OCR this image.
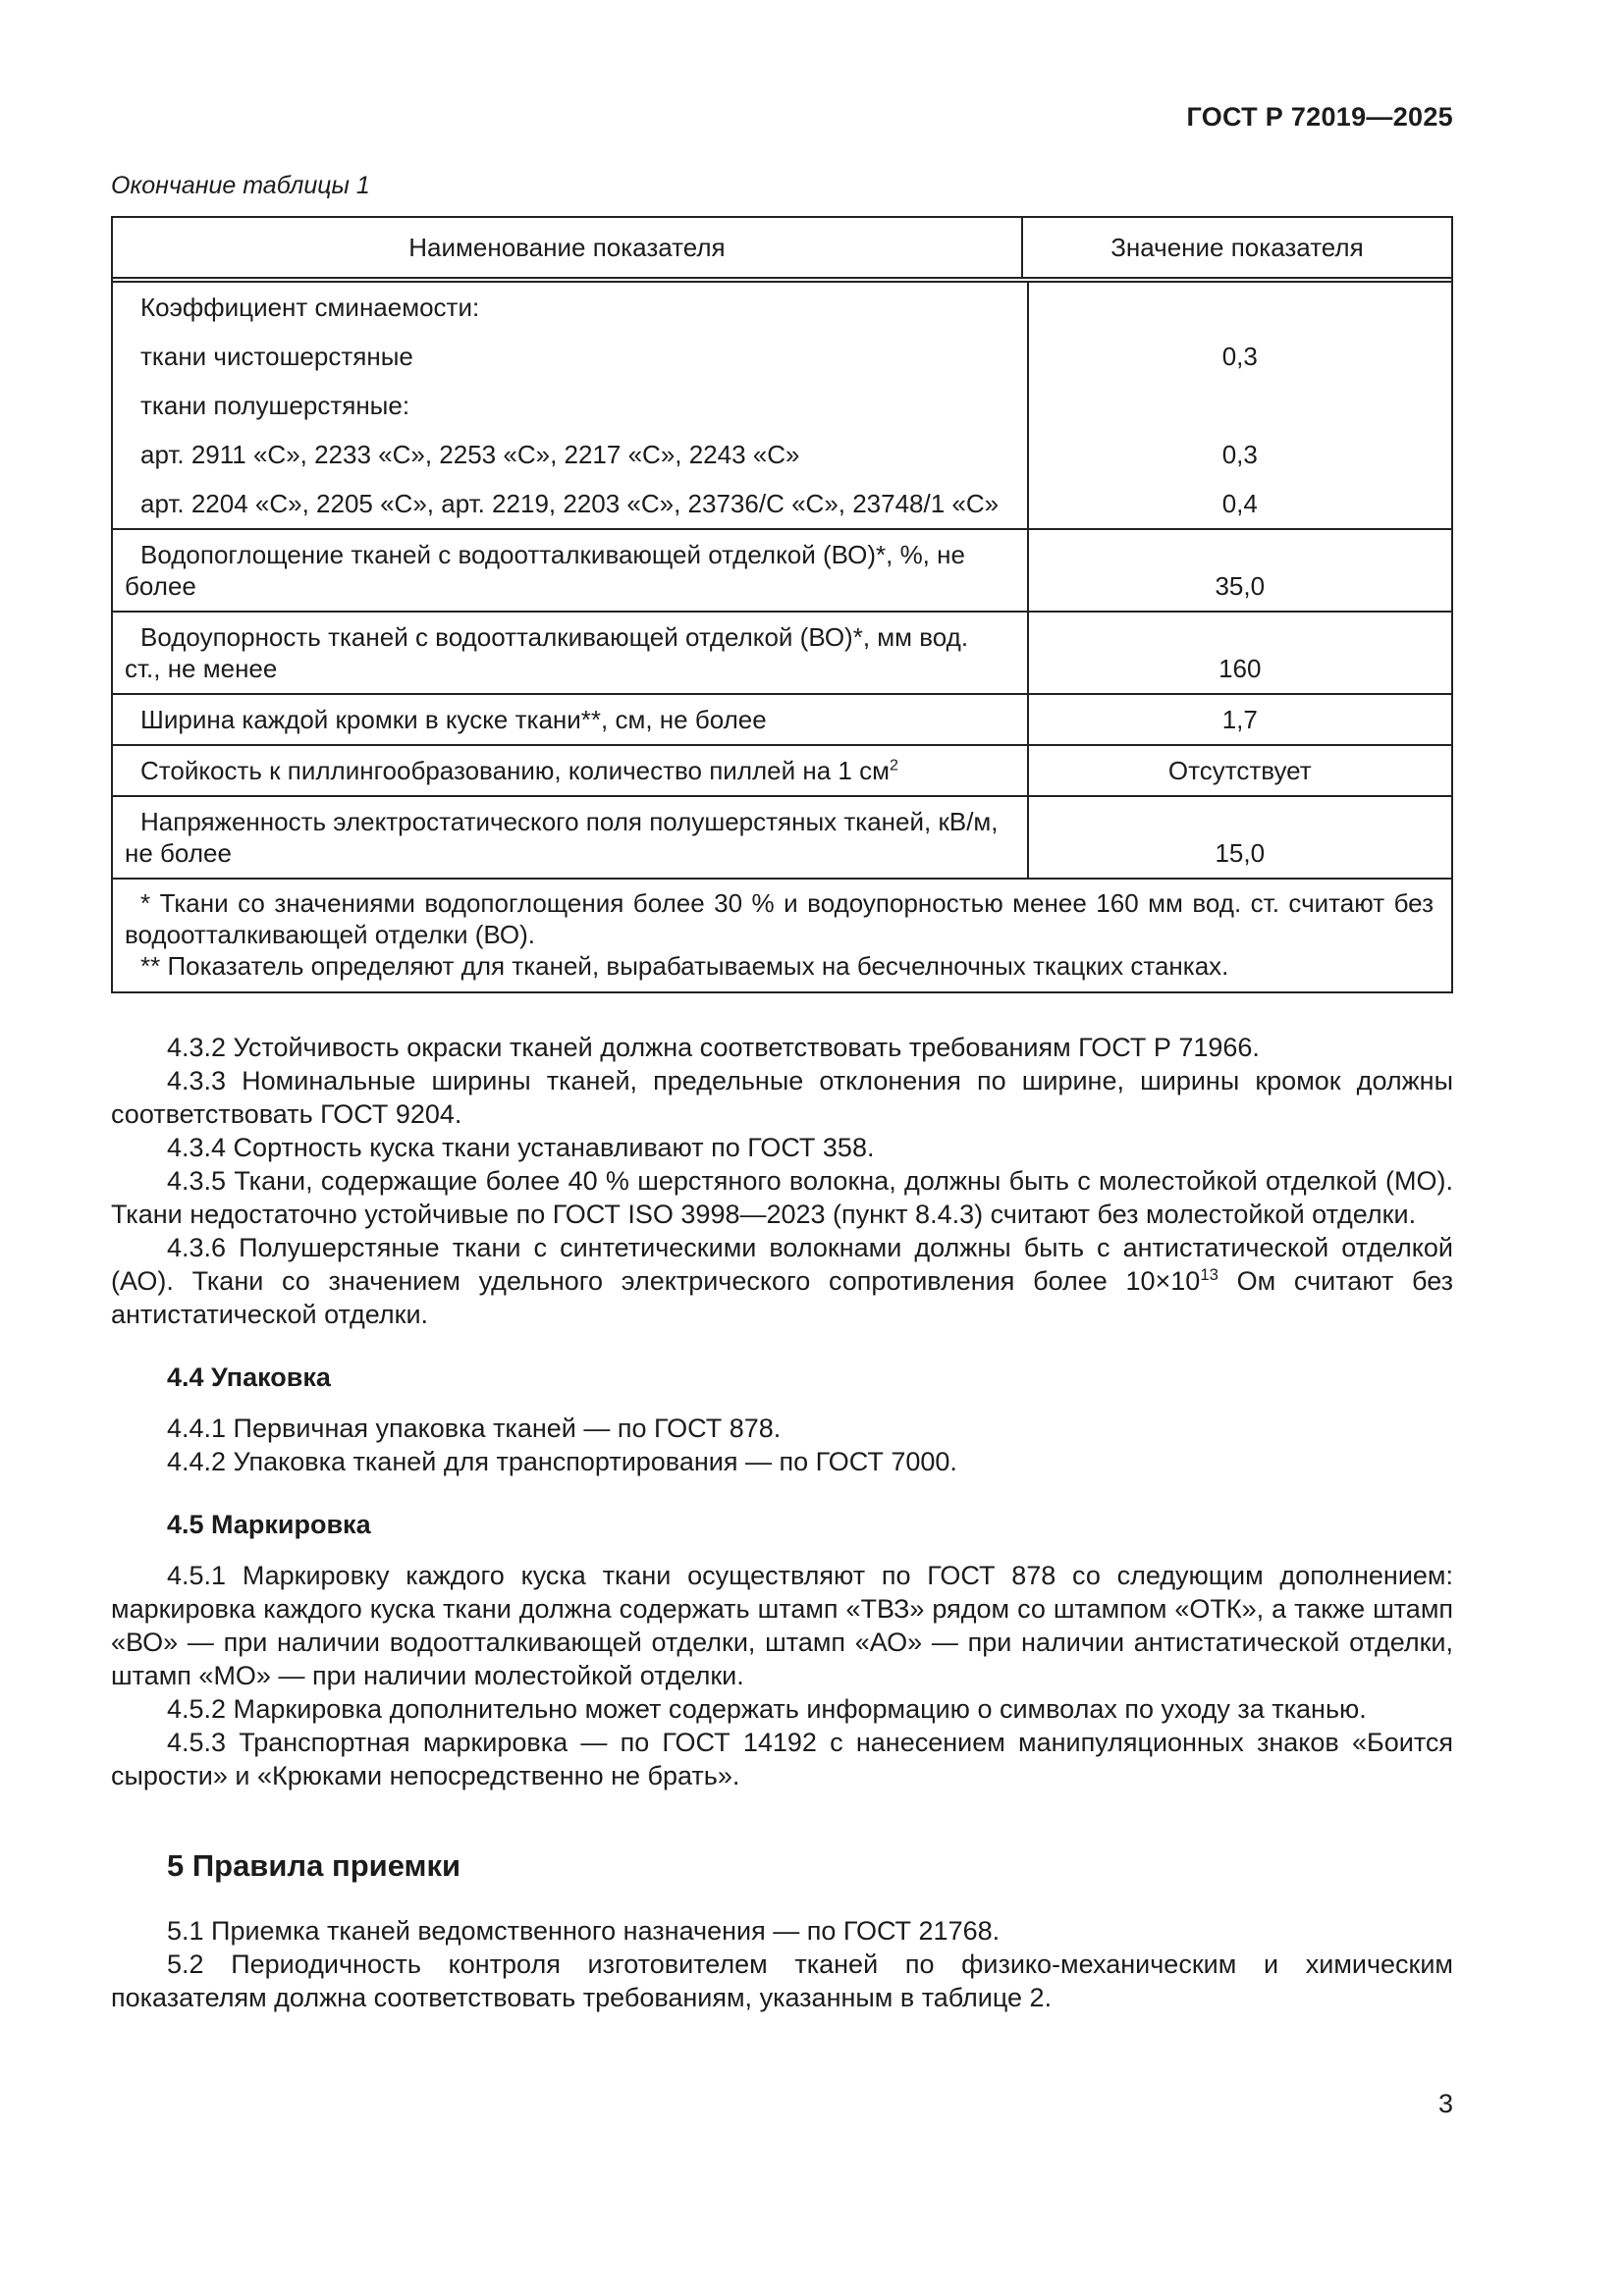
ГОСТ Р 72019—2025
Окончание таблицы 1
Наименование показателя	Значение показателя
Коэффициент сминаемости:
ткани чистошерстяные	0,3
ткани полушерстяные:
арт. 2911 «С», 2233 «С», 2253 «С», 2217 «С», 2243 «С»	0,3
арт. 2204 «С», 2205 «С», арт. 2219, 2203 «С», 23736/С «С», 23748/1 «С»	0,4
Водопоглощение тканей с водоотталкивающей отделкой (ВО)*, %, не более	35,0
Водоупорность тканей с водоотталкивающей отделкой (ВО)*, мм вод. ст., не менее	160
Ширина каждой кромки в куске ткани**, см, не более	1,7
Стойкость к пиллингообразованию, количество пиллей на 1 $см^2$	Отсутствует
Напряженность электростатического поля полушерстяных тканей, кВ/м, не более	15,0

* Ткани со значениями водопоглощения более 30 % и водоупорностью менее 160 мм вод. ст. считают без водоотталкивающей отделки (ВО).

** Показатель определяют для тканей, вырабатываемых на бесчелночных ткацких станках.

4.3.2 Устойчивость окраски тканей должна соответствовать требованиям ГОСТ Р 71966.

4.3.3 Номинальные ширины тканей, предельные отклонения по ширине, ширины кромок должны соответствовать ГОСТ 9204.

4.3.4 Сортность куска ткани устанавливают по ГОСТ 358.

4.3.5 Ткани, содержащие более 40 % шерстяного волокна, должны быть с молестойкой отделкой (МО). Ткани недостаточно устойчивые по ГОСТ ISO 3998—2023 (пункт 8.4.3) считают без молестойкой отделки.

4.3.6 Полушерстяные ткани с синтетическими волокнами должны быть с антистатической отделкой (АО). Ткани со значением удельного электрического сопротивления более $10\times 10^{13}$ Ом считают без антистатической отделки.

4.4 Упаковка

4.4.1 Первичная упаковка тканей — по ГОСТ 878.

4.4.2 Упаковка тканей для транспортирования — по ГОСТ 7000.

4.5 Маркировка

4.5.1 Маркировку каждого куска ткани осуществляют по ГОСТ 878 со следующим дополнением: маркировка каждого куска ткани должна содержать штамп «ТВЗ» рядом со штампом «ОТК», а также штамп «ВО» — при наличии водоотталкивающей отделки, штамп «АО» — при наличии антистатической отделки, штамп «МО» — при наличии молестойкой отделки.

4.5.2 Маркировка дополнительно может содержать информацию о символах по уходу за тканью.

4.5.3 Транспортная маркировка — по ГОСТ 14192 с нанесением манипуляционных знаков «Боится сырости» и «Крюками непосредственно не брать».

5 Правила приемки

5.1 Приемка тканей ведомственного назначения — по ГОСТ 21768.

5.2 Периодичность контроля изготовителем тканей по физико-механическим и химическим показателям должна соответствовать требованиям, указанным в таблице 2.

3
